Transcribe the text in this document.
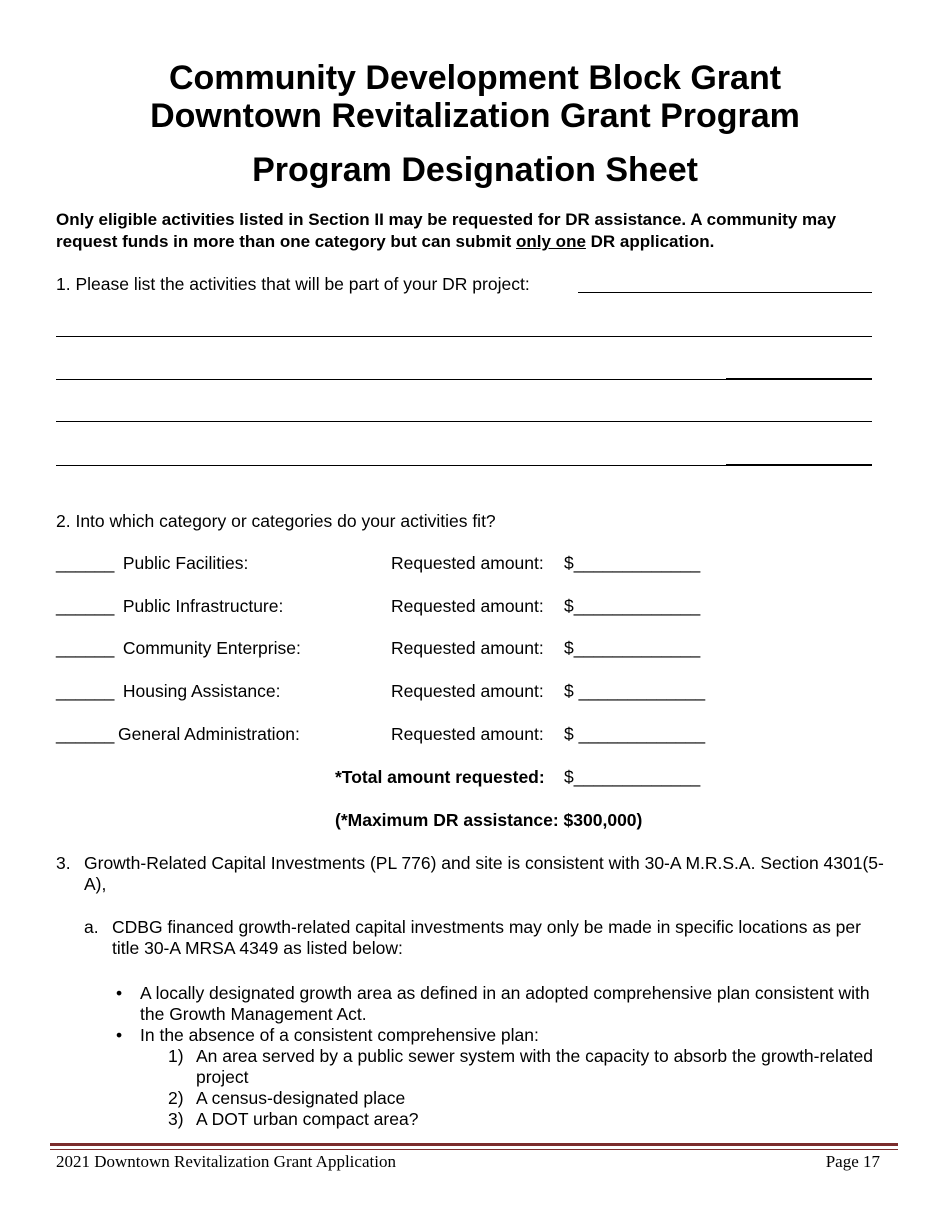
Community Development Block Grant
Downtown Revitalization Grant Program
Program Designation Sheet

Only eligible activities listed in Section II may be requested for DR assistance. A community may request funds in more than one category but can submit only one DR application.

1. Please list the activities that will be part of your DR project:
2. Into which category or categories do your activities fit?
______ Public Facilities:	Requested amount: $_____________
______ Public Infrastructure:	Requested amount: $_____________
______ Community Enterprise:	Requested amount: $_____________
______ Housing Assistance:	Requested amount: $ _____________
______ General Administration:	Requested amount: $ _____________
*Total amount requested: $_____________
(*Maximum DR assistance: $300,000)
3. Growth-Related Capital Investments (PL 776) and site is consistent with 30-A M.R.S.A. Section 4301(5-A),
a. CDBG financed growth-related capital investments may only be made in specific locations as per title 30-A MRSA 4349 as listed below:
• A locally designated growth area as defined in an adopted comprehensive plan consistent with the Growth Management Act.
• In the absence of a consistent comprehensive plan:
1) An area served by a public sewer system with the capacity to absorb the growth-related project
2) A census-designated place
3) A DOT urban compact area?
2021 Downtown Revitalization Grant Application	Page 17
